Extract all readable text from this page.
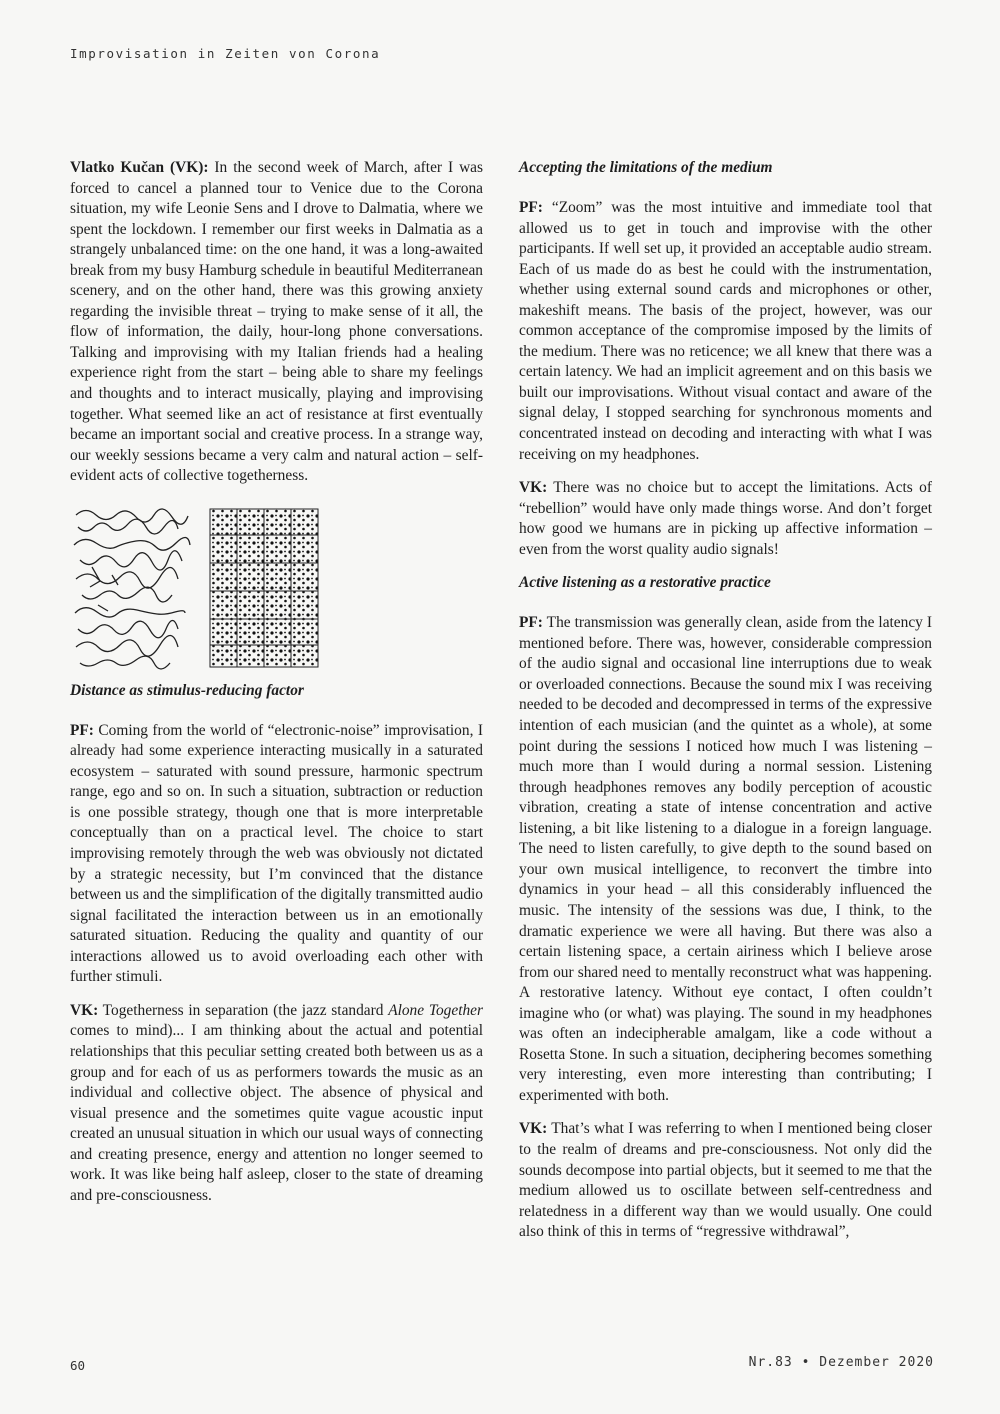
Improvisation in Zeiten von Corona

Vlatko Kučan (VK): In the second week of March, after I was forced to cancel a planned tour to Venice due to the Corona situation, my wife Leonie Sens and I drove to Dalmatia, where we spent the lockdown. I remember our first weeks in Dalmatia as a strangely unbalanced time: on the one hand, it was a long-awaited break from my busy Hamburg schedule in beautiful Mediterranean scenery, and on the other hand, there was this growing anxiety regarding the invisible threat – trying to make sense of it all, the flow of information, the daily, hour-long phone conversations. Talking and improvising with my Italian friends had a healing experience right from the start – being able to share my feelings and thoughts and to interact musically, playing and improvising together. What seemed like an act of resistance at first eventually became an important social and creative process. In a strange way, our weekly sessions became a very calm and natural action – self-evident acts of collective togetherness.

Distance as stimulus-reducing factor

PF: Coming from the world of “electronic-noise” improvisation, I already had some experience interacting musically in a saturated ecosystem – saturated with sound pressure, harmonic spectrum range, ego and so on. In such a situation, subtraction or reduction is one possible strategy, though one that is more interpretable conceptually than on a practical level. The choice to start improvising remotely through the web was obviously not dictated by a strategic necessity, but I’m convinced that the distance between us and the simplification of the digitally transmitted audio signal facilitated the interaction between us in an emotionally saturated situation. Reducing the quality and quantity of our interactions allowed us to avoid overloading each other with further stimuli.

VK: Togetherness in separation (the jazz standard Alone Together comes to mind)... I am thinking about the actual and potential relationships that this peculiar setting created both between us as a group and for each of us as performers towards the music as an individual and collective object. The absence of physical and visual presence and the sometimes quite vague acoustic input created an unusual situation in which our usual ways of connecting and creating presence, energy and attention no longer seemed to work. It was like being half asleep, closer to the state of dreaming and pre-consciousness.

Accepting the limitations of the medium

PF: “Zoom” was the most intuitive and immediate tool that allowed us to get in touch and improvise with the other participants. If well set up, it provided an acceptable audio stream. Each of us made do as best he could with the instrumentation, whether using external sound cards and microphones or other, makeshift means. The basis of the project, however, was our common acceptance of the compromise imposed by the limits of the medium. There was no reticence; we all knew that there was a certain latency. We had an implicit agreement and on this basis we built our improvisations. Without visual contact and aware of the signal delay, I stopped searching for synchronous moments and concentrated instead on decoding and interacting with what I was receiving on my headphones.

VK: There was no choice but to accept the limitations. Acts of “rebellion” would have only made things worse. And don’t forget how good we humans are in picking up affective information – even from the worst quality audio signals!

Active listening as a restorative practice

PF: The transmission was generally clean, aside from the latency I mentioned before. There was, however, considerable compression of the audio signal and occasional line interruptions due to weak or overloaded connections. Because the sound mix I was receiving needed to be decoded and decompressed in terms of the expressive intention of each musician (and the quintet as a whole), at some point during the sessions I noticed how much I was listening – much more than I would during a normal session. Listening through headphones removes any bodily perception of acoustic vibration, creating a state of intense concentration and active listening, a bit like listening to a dialogue in a foreign language. The need to listen carefully, to give depth to the sound based on your own musical intelligence, to reconvert the timbre into dynamics in your head – all this considerably influenced the music. The intensity of the sessions was due, I think, to the dramatic experience we were all having. But there was also a certain listening space, a certain airiness which I believe arose from our shared need to mentally reconstruct what was happening. A restorative latency. Without eye contact, I often couldn’t imagine who (or what) was playing. The sound in my headphones was often an indecipherable amalgam, like a code without a Rosetta Stone. In such a situation, deciphering becomes something very interesting, even more interesting than contributing; I experimented with both.

VK: That’s what I was referring to when I mentioned being closer to the realm of dreams and pre-consciousness. Not only did the sounds decompose into partial objects, but it seemed to me that the medium allowed us to oscillate between self-centredness and relatedness in a different way than we would usually. One could also think of this in terms of “regressive withdrawal”,

60	Nr.83 • Dezember 2020
